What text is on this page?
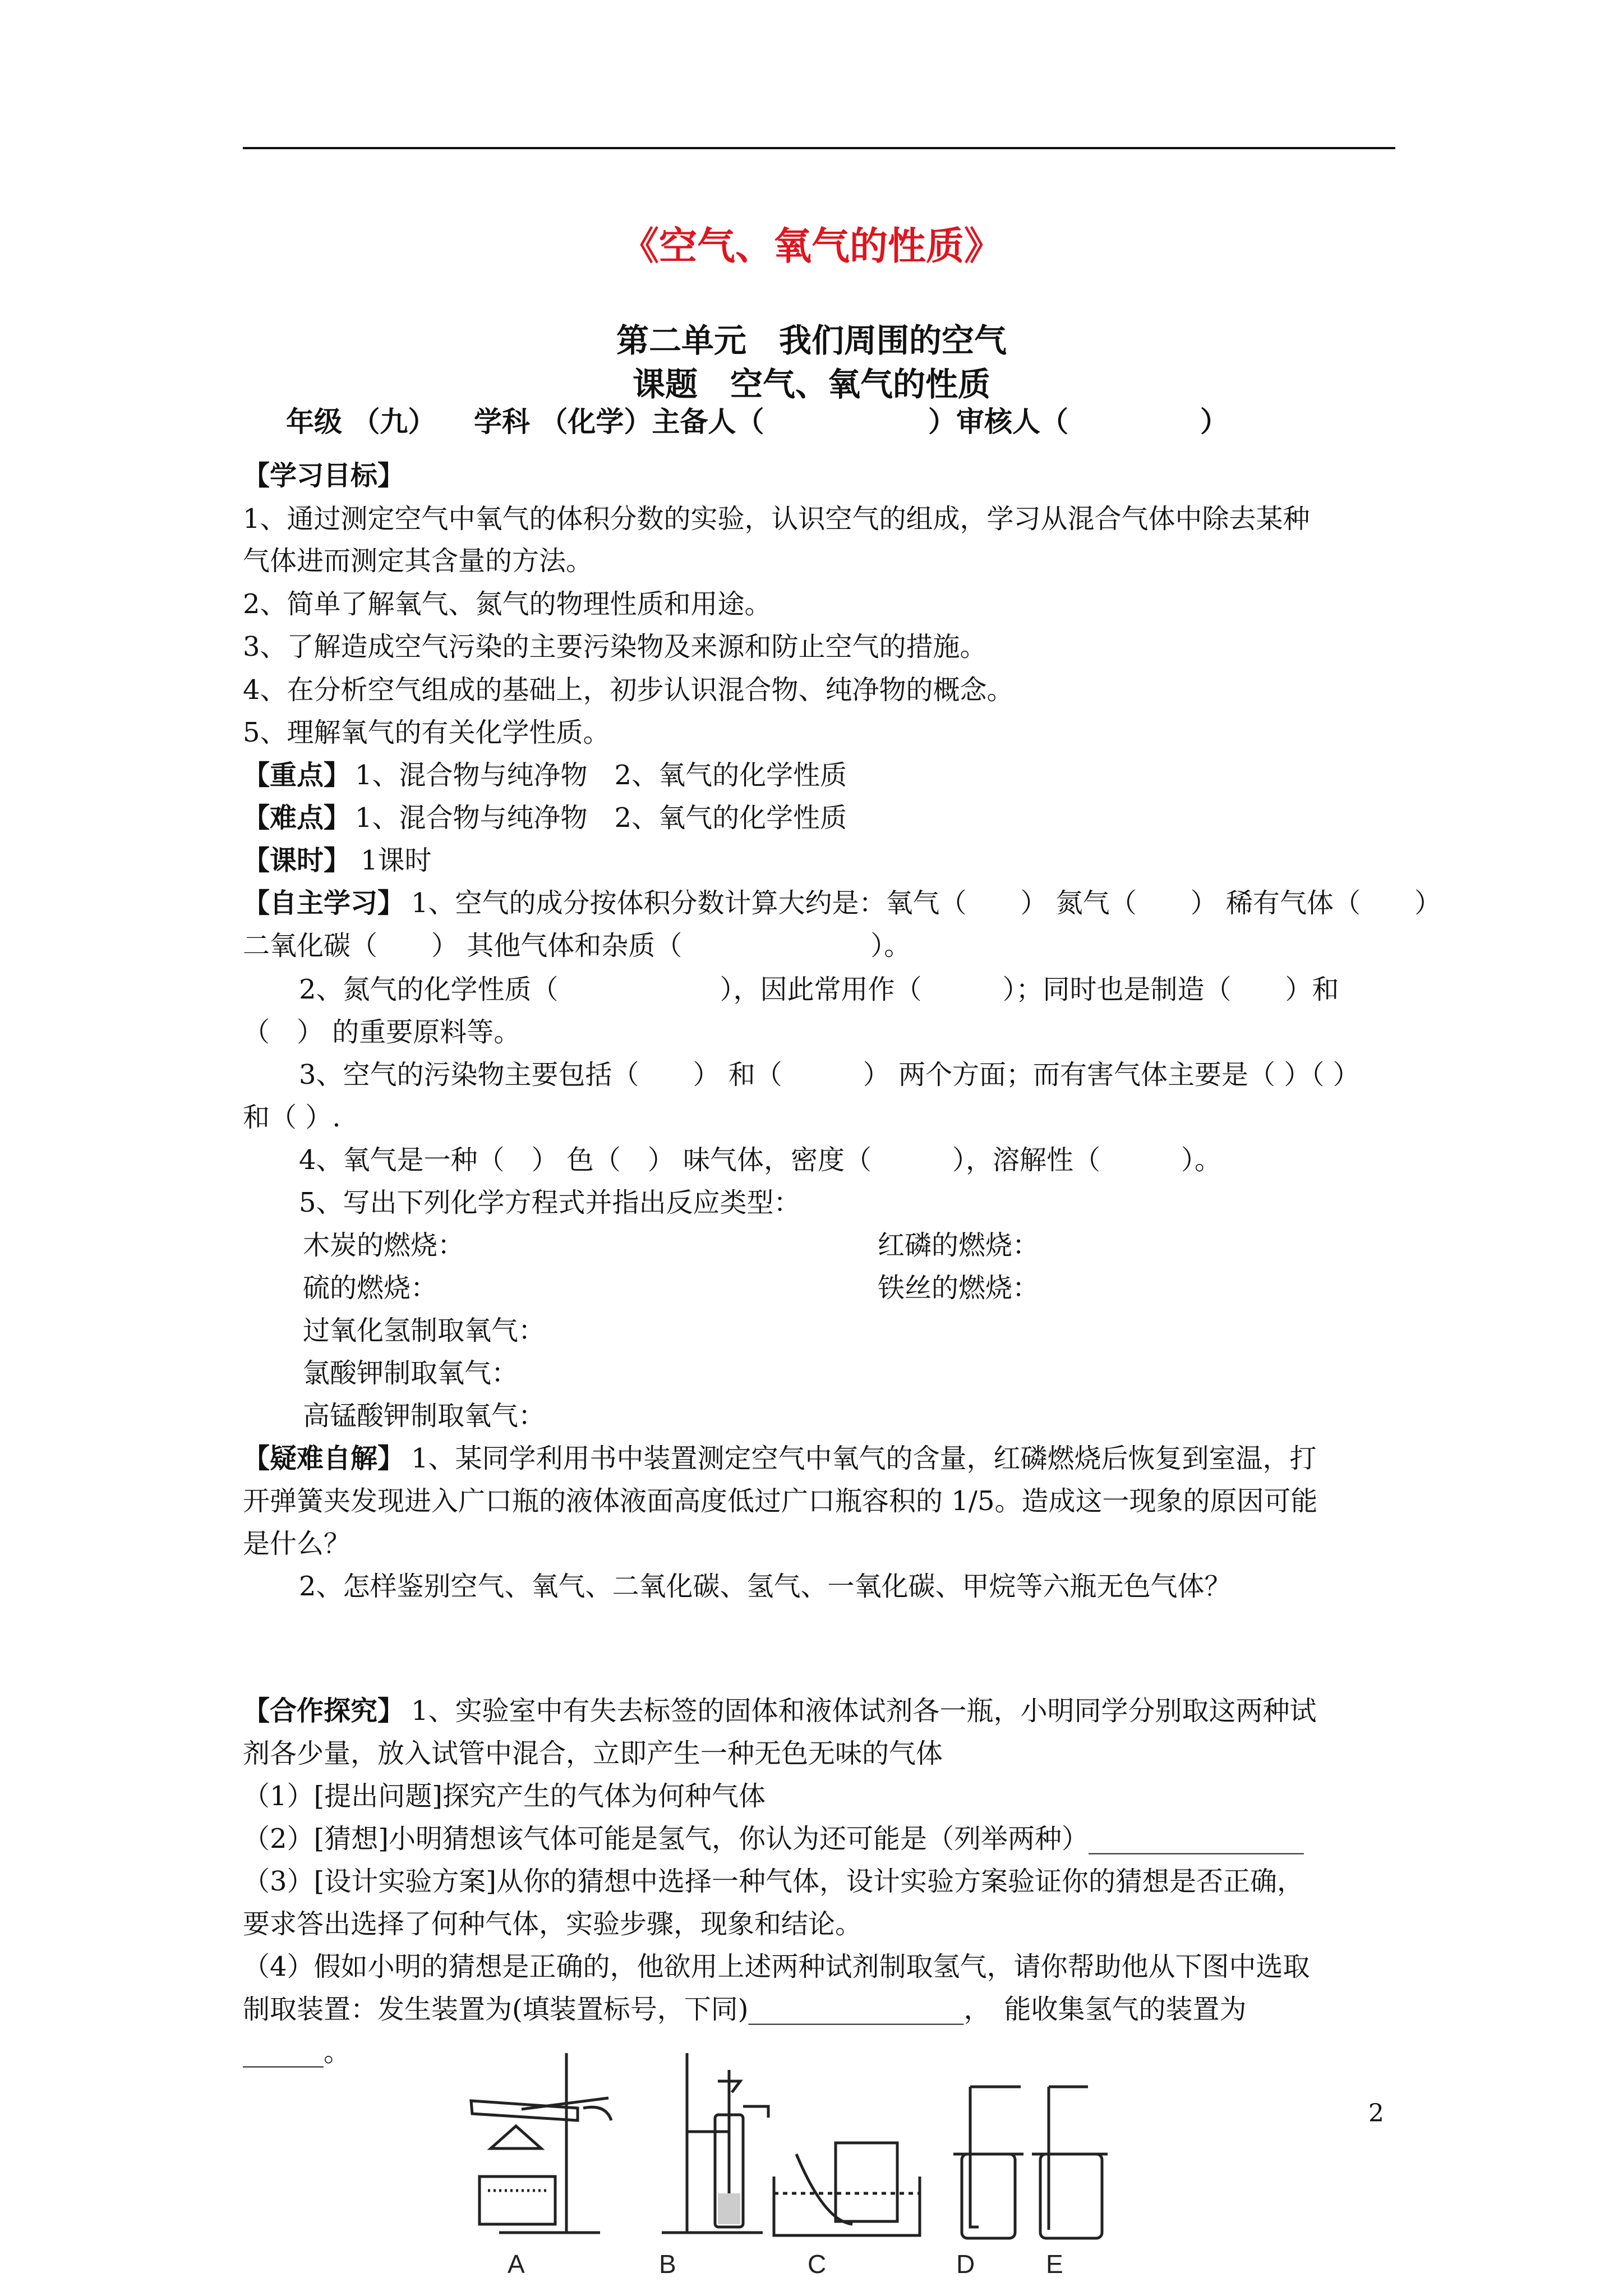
《空气、氧气的性质》
第二单元　我们周围的空气
课题　空气、氧气的性质
年级 （九） 学科 （化学）主备人（	）审核人（	）
【学习目标】
1、通过测定空气中氧气的体积分数的实验，认识空气的组成，学习从混合气体中除去某种
气体进而测定其含量的方法。
2、简单了解氧气、氮气的物理性质和用途。
3、了解造成空气污染的主要污染物及来源和防止空气的措施。
4、在分析空气组成的基础上，初步认识混合物、纯净物的概念。
5、理解氧气的有关化学性质。
【重点】 1、混合物与纯净物　2、氧气的化学性质
【难点】 1、混合物与纯净物　2、氧气的化学性质
【课时】 1课时
【自主学习】 1、空气的成分按体积分数计算大约是：氧气（　　） 氮气（　　） 稀有气体（　　）
二氧化碳（　　） 其他气体和杂质（　　　　　　　）。
2、氮气的化学性质（　　　　　　），因此常用作（　　　）；同时也是制造（　　）和
（　） 的重要原料等。
3、空气的污染物主要包括（　　） 和（　　　） 两个方面；而有害气体主要是（ ）（ ）
和（ ）.
4、氧气是一种（　） 色（　） 味气体，密度（　　　），溶解性（　　　）。
5、写出下列化学方程式并指出反应类型：
木炭的燃烧：	红磷的燃烧：
硫的燃烧：	铁丝的燃烧：
过氧化氢制取氧气：
氯酸钾制取氧气：
高锰酸钾制取氧气：
【疑难自解】 1、某同学利用书中装置测定空气中氧气的含量，红磷燃烧后恢复到室温，打
开弹簧夹发现进入广口瓶的液体液面高度低过广口瓶容积的 1/5。造成这一现象的原因可能
是什么？
2、怎样鉴别空气、氧气、二氧化碳、氢气、一氧化碳、甲烷等六瓶无色气体？
【合作探究】 1、实验室中有失去标签的固体和液体试剂各一瓶，小明同学分别取这两种试
剂各少量，放入试管中混合，立即产生一种无色无味的气体
（1）[提出问题]探究产生的气体为何种气体
（2）[猜想]小明猜想该气体可能是氢气，你认为还可能是（列举两种）________________
（3）[设计实验方案]从你的猜想中选择一种气体，设计实验方案验证你的猜想是否正确，
要求答出选择了何种气体，实验步骤，现象和结论。
（4）假如小明的猜想是正确的，他欲用上述两种试剂制取氢气，请你帮助他从下图中选取
制取装置：发生装置为(填装置标号，下同)________________，　能收集氢气的装置为
______。
A	B	C	D	E
2
